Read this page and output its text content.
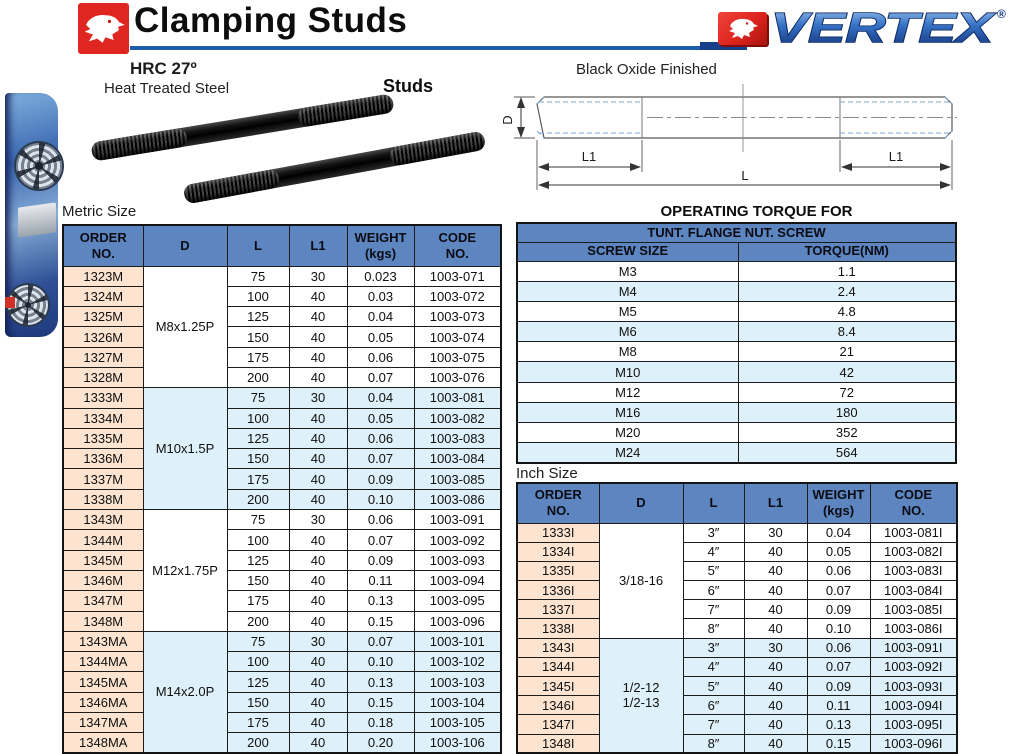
Clamping Studs	VERTEX ®
HRC 27º
Heat Treated Steel	Studs
Black Oxide Finished
D
L1	L1
L
Metric Size
ORDER
NO.	D	L	L1	WEIGHT
(kgs)	CODE
NO.
1323M	M8x1.25P	75	30	0.023	1003-071
1324M		100	40	0.03	1003-072
1325M		125	40	0.04	1003-073
1326M		150	40	0.05	1003-074
1327M		175	40	0.06	1003-075
1328M		200	40	0.07	1003-076
1333M	M10x1.5P	75	30	0.04	1003-081
1334M		100	40	0.05	1003-082
1335M		125	40	0.06	1003-083
1336M		150	40	0.07	1003-084
1337M		175	40	0.09	1003-085
1338M		200	40	0.10	1003-086
1343M	M12x1.75P	75	30	0.06	1003-091
1344M		100	40	0.07	1003-092
1345M		125	40	0.09	1003-093
1346M		150	40	0.11	1003-094
1347M		175	40	0.13	1003-095
1348M		200	40	0.15	1003-096
1343MA	M14x2.0P	75	30	0.07	1003-101
1344MA		100	40	0.10	1003-102
1345MA		125	40	0.13	1003-103
1346MA		150	40	0.15	1003-104
1347MA		175	40	0.18	1003-105
1348MA		200	40	0.20	1003-106
OPERATING TORQUE FOR
TUNT. FLANGE NUT. SCREW	
SCREW SIZE	TORQUE(NM)
M3	1.1
M4	2.4
M5	4.8
M6	8.4
M8	21
M10	42
M12	72
M16	180
M20	352
M24	564
Inch Size
ORDER
NO.	D	L	L1	WEIGHT
(kgs)	CODE
NO.
1333I	3/18-16	3″	30	0.04	1003-081I
1334I		4″	40	0.05	1003-082I
1335I		5″	40	0.06	1003-083I
1336I		6″	40	0.07	1003-084I
1337I		7″	40	0.09	1003-085I
1338I		8″	40	0.10	1003-086I
1343I	1/2-12
1/2-13	3″	30	0.06	1003-091I
1344I		4″	40	0.07	1003-092I
1345I		5″	40	0.09	1003-093I
1346I		6″	40	0.11	1003-094I
1347I		7″	40	0.13	1003-095I
1348I		8″	40	0.15	1003-096I
